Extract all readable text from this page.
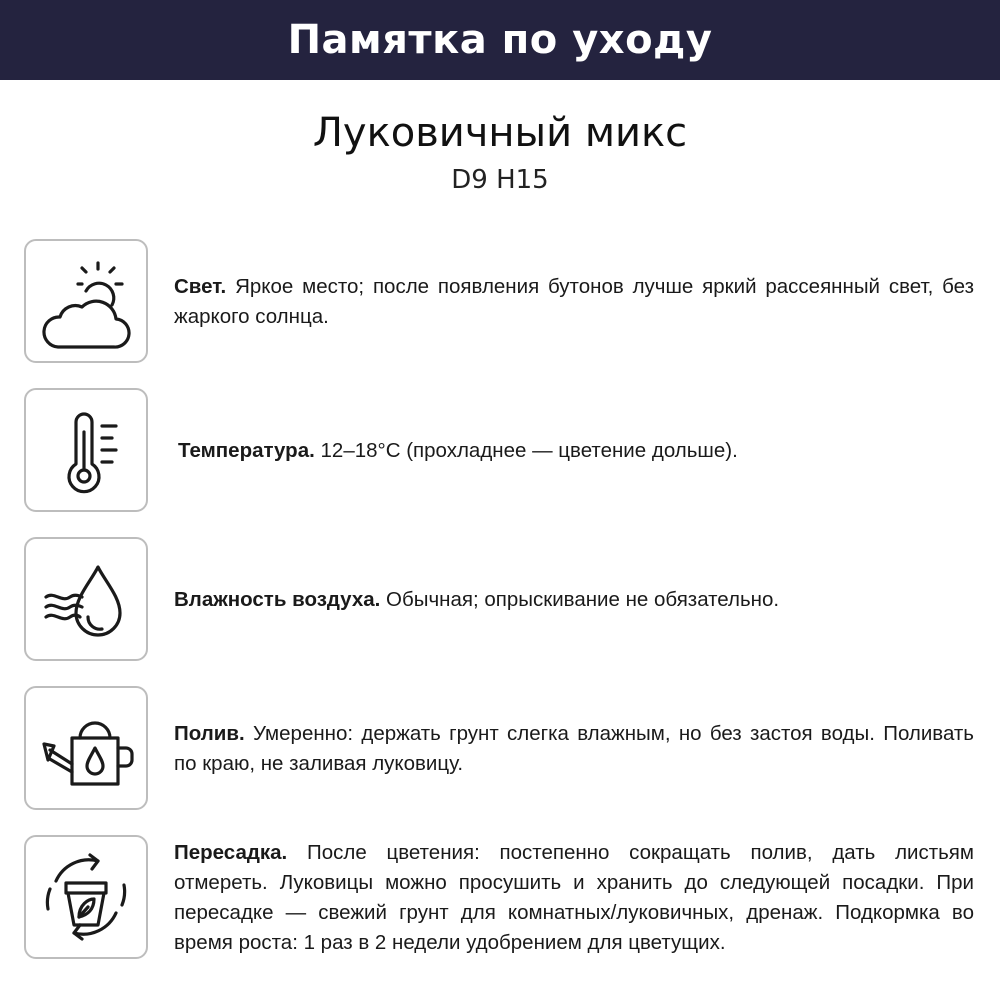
Памятка по уходу
Луковичный микс
D9 H15
Свет. Яркое место; после появления бутонов лучше яркий рассеянный свет, без жаркого солнца.
Температура. 12–18°C (прохладнее — цветение дольше).
Влажность воздуха. Обычная; опрыскивание не обязательно.
Полив. Умеренно: держать грунт слегка влажным, но без застоя воды. Поливать по краю, не заливая луковицу.
Пересадка. После цветения: постепенно сокращать полив, дать листьям отмереть. Луковицы можно просушить и хранить до следующей посадки. При пересадке — свежий грунт для комнатных/луковичных, дренаж. Подкормка во время роста: 1 раз в 2 недели удобрением для цветущих.
